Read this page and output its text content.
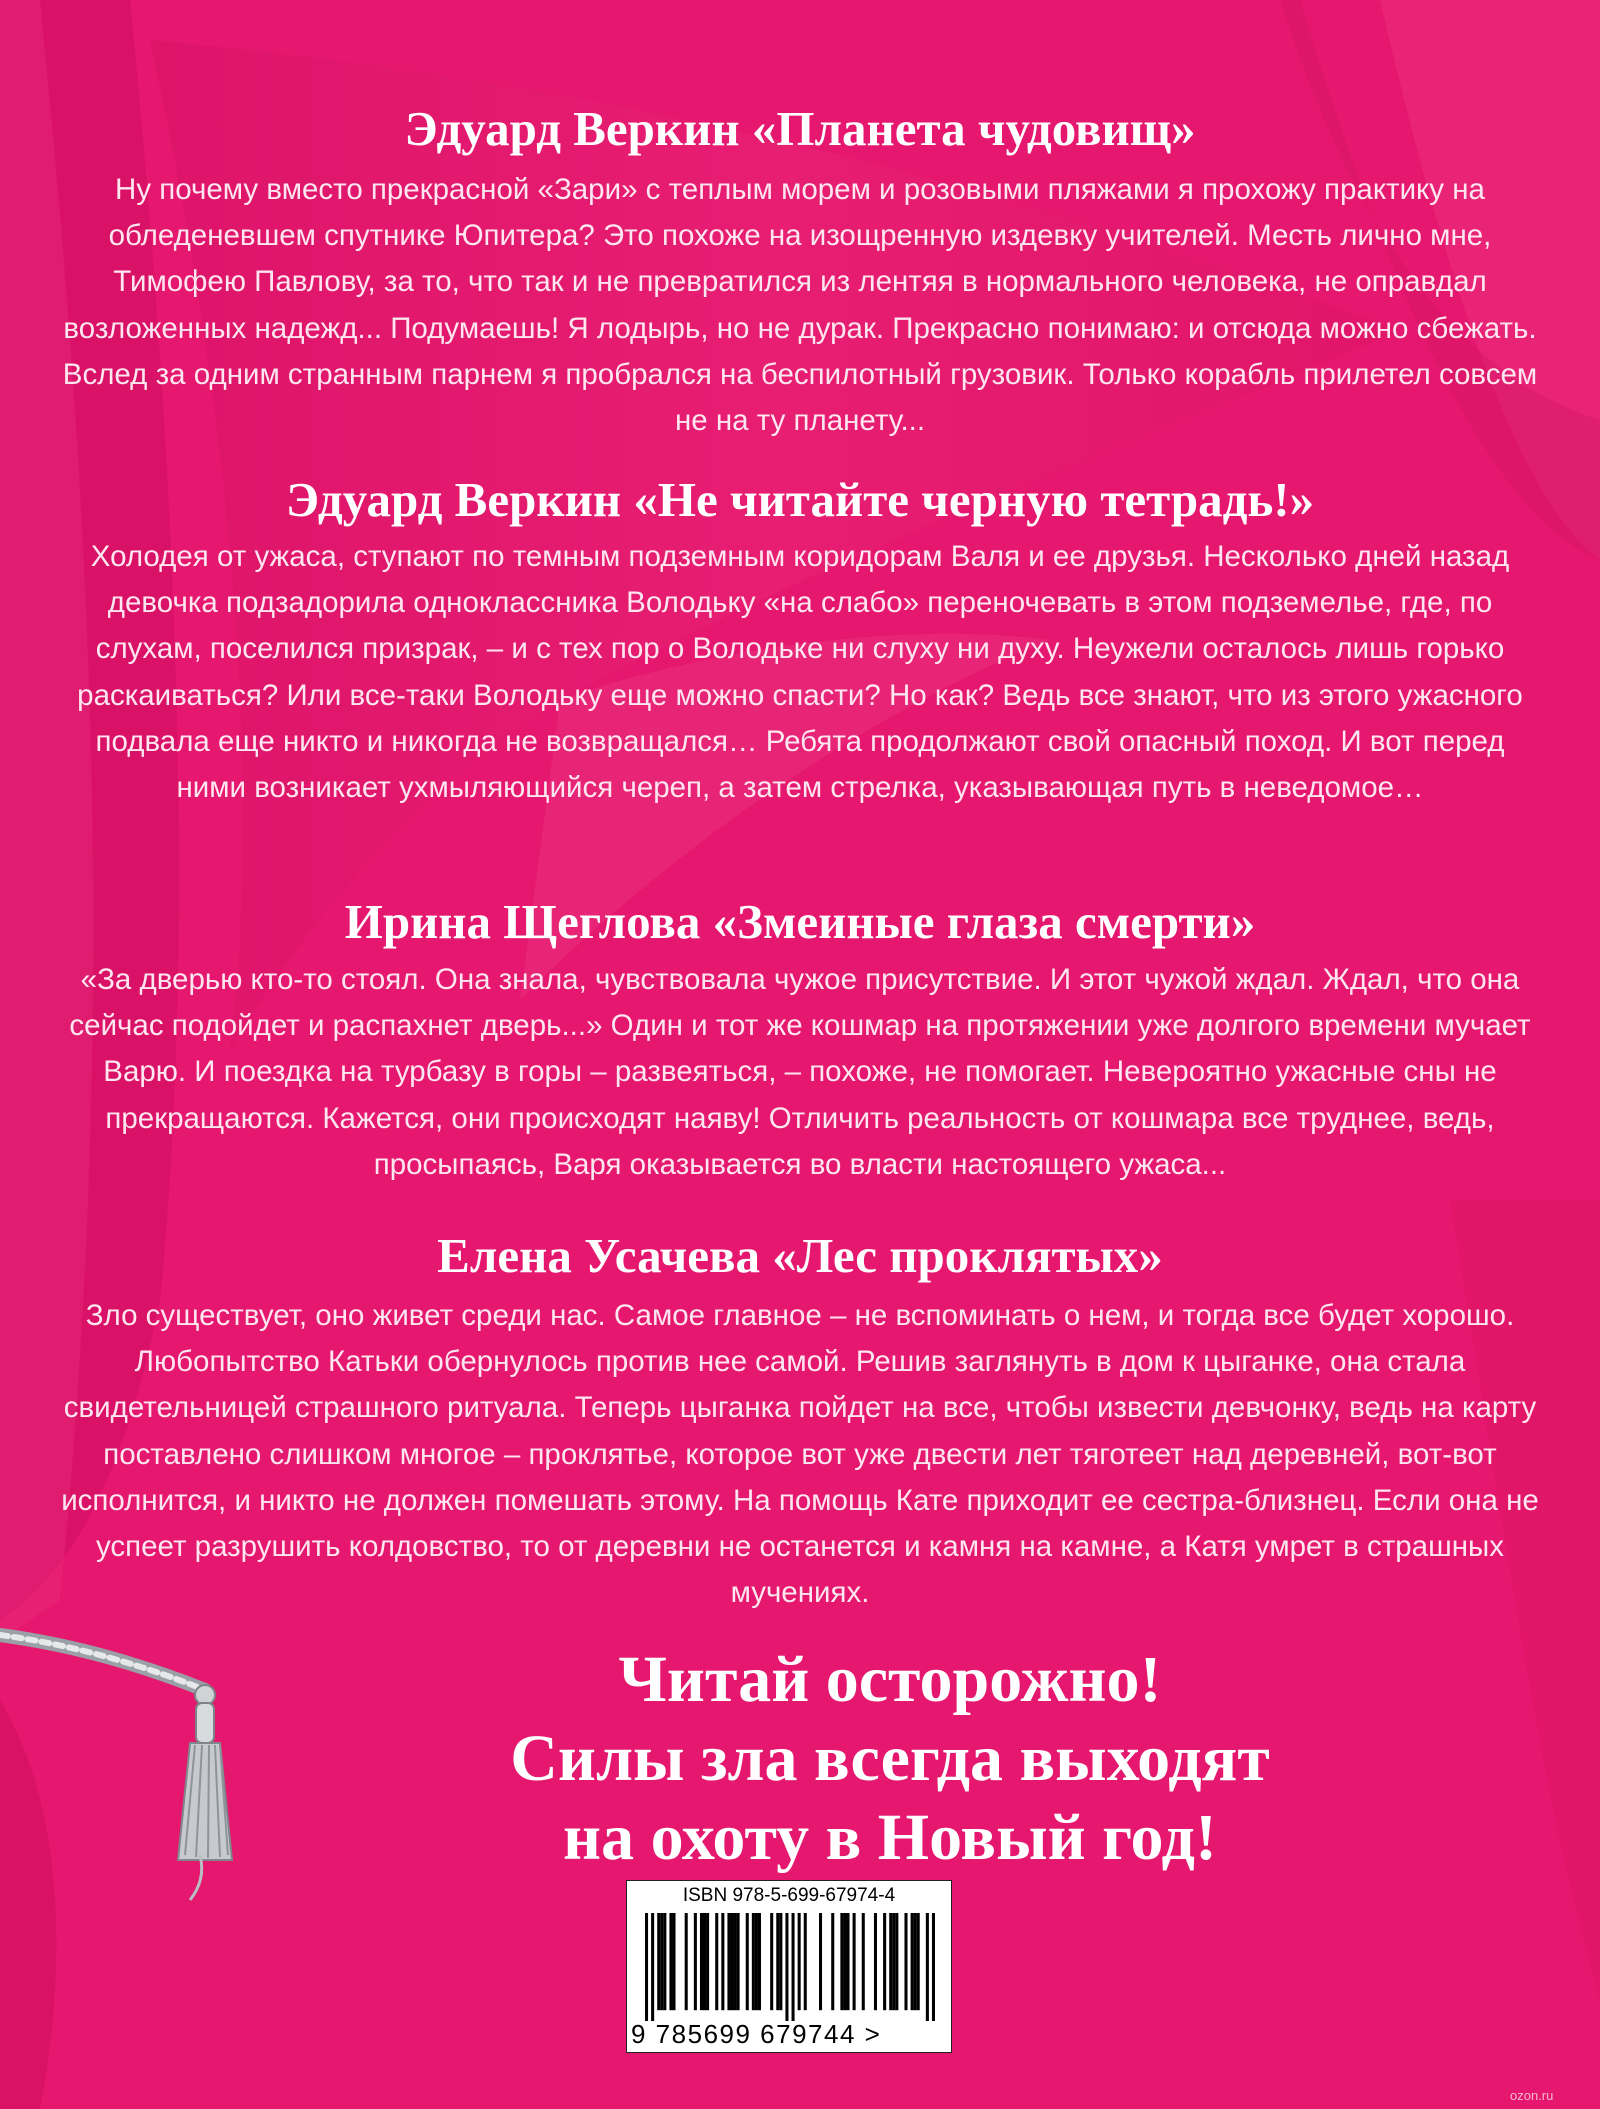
Эдуард Веркин «Планета чудовищ»

Ну почему вместо прекрасной «Зари» с теплым морем и розовыми пляжами я прохожу практику на обледеневшем спутнике Юпитера? Это похоже на изощренную издевку учителей. Месть лично мне, Тимофею Павлову, за то, что так и не превратился из лентяя в нормального человека, не оправдал возложенных надежд... Подумаешь! Я лодырь, но не дурак. Прекрасно понимаю: и отсюда можно сбежать. Вслед за одним странным парнем я пробрался на беспилотный грузовик. Только корабль прилетел совсем не на ту планету...

Эдуард Веркин «Не читайте черную тетрадь!»

Холодея от ужаса, ступают по темным подземным коридорам Валя и ее друзья. Несколько дней назад девочка подзадорила одноклассника Володьку «на слабо» переночевать в этом подземелье, где, по слухам, поселился призрак, – и с тех пор о Володьке ни слуху ни духу. Неужели осталось лишь горько раскаиваться? Или все-таки Володьку еще можно спасти? Но как? Ведь все знают, что из этого ужасного подвала еще никто и никогда не возвращался… Ребята продолжают свой опасный поход. И вот перед ними возникает ухмыляющийся череп, а затем стрелка, указывающая путь в неведомое…

Ирина Щеглова «Змеиные глаза смерти»

«За дверью кто-то стоял. Она знала, чувствовала чужое присутствие. И этот чужой ждал. Ждал, что она сейчас подойдет и распахнет дверь...» Один и тот же кошмар на протяжении уже долгого времени мучает Варю. И поездка на турбазу в горы – развеяться, – похоже, не помогает. Невероятно ужасные сны не прекращаются. Кажется, они происходят наяву! Отличить реальность от кошмара все труднее, ведь, просыпаясь, Варя оказывается во власти настоящего ужаса...

Елена Усачева «Лес проклятых»

Зло существует, оно живет среди нас. Самое главное – не вспоминать о нем, и тогда все будет хорошо. Любопытство Катьки обернулось против нее самой. Решив заглянуть в дом к цыганке, она стала свидетельницей страшного ритуала. Теперь цыганка пойдет на все, чтобы извести девчонку, ведь на карту поставлено слишком многое – проклятье, которое вот уже двести лет тяготеет над деревней, вот-вот исполнится, и никто не должен помешать этому. На помощь Кате приходит ее сестра-близнец. Если она не успеет разрушить колдовство, то от деревни не останется и камня на камне, а Катя умрет в страшных мучениях.

Читай осторожно!
Силы зла всегда выходят
на охоту в Новый год!
ISBN 978-5-699-67974-4
9 785699 679744 >
ozon.ru
